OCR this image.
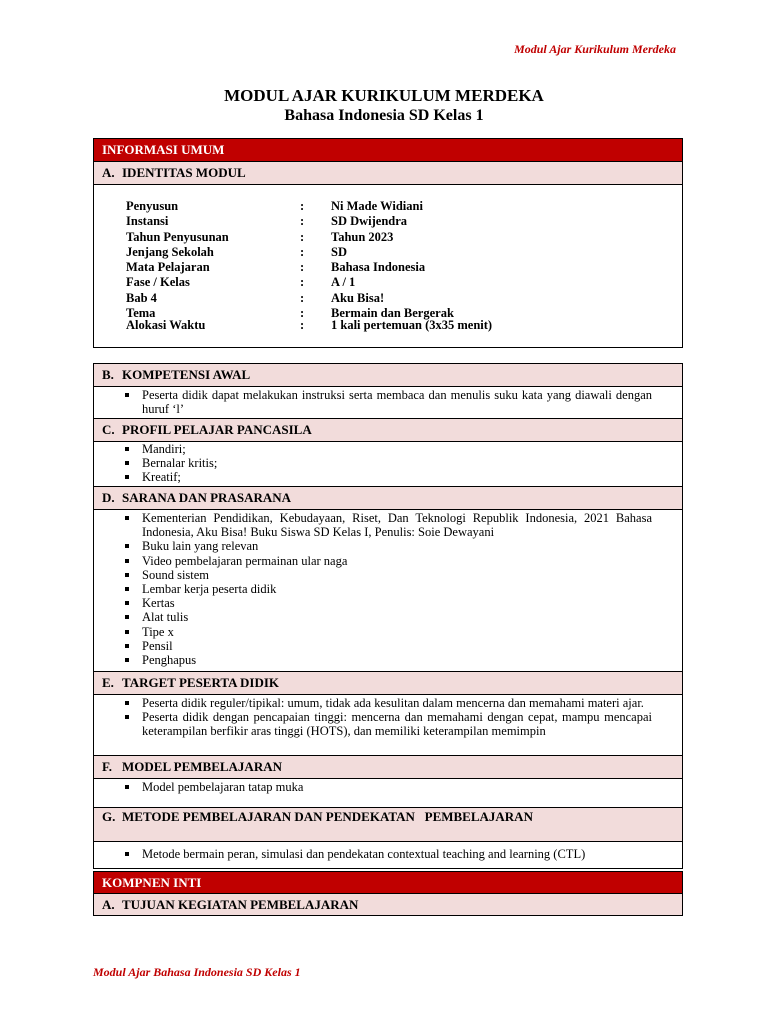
Modul Ajar Kurikulum Merdeka
MODUL AJAR KURIKULUM MERDEKA
Bahasa Indonesia SD Kelas 1
INFORMASI UMUM
A. IDENTITAS MODUL
Penyusun	:	Ni Made Widiani
Instansi	:	SD Dwijendra
Tahun Penyusunan	:	Tahun 2023
Jenjang Sekolah	:	SD
Mata Pelajaran	:	Bahasa Indonesia
Fase / Kelas	:	A / 1
Bab 4	:	Aku Bisa!
Tema	:	Bermain dan Bergerak
Alokasi Waktu	:	1 kali pertemuan (3x35 menit)
B. KOMPETENSI AWAL
Peserta didik dapat melakukan instruksi serta membaca dan menulis suku kata yang diawali dengan huruf ‘l’
C. PROFIL PELAJAR PANCASILA
Mandiri;
Bernalar kritis;
Kreatif;
D. SARANA DAN PRASARANA
Kementerian Pendidikan, Kebudayaan, Riset, Dan Teknologi Republik Indonesia, 2021 Bahasa Indonesia, Aku Bisa! Buku Siswa SD Kelas I, Penulis: Soie Dewayani
Buku lain yang relevan
Video pembelajaran permainan ular naga
Sound sistem
Lembar kerja peserta didik
Kertas
Alat tulis
Tipe x
Pensil
Penghapus
E. TARGET PESERTA DIDIK
Peserta didik reguler/tipikal: umum, tidak ada kesulitan dalam mencerna dan memahami materi ajar.
Peserta didik dengan pencapaian tinggi: mencerna dan memahami dengan cepat, mampu mencapai keterampilan berfikir aras tinggi (HOTS), dan memiliki keterampilan memimpin
F. MODEL PEMBELAJARAN
Model pembelajaran tatap muka
G. METODE PEMBELAJARAN DAN PENDEKATAN   PEMBELAJARAN
Metode bermain peran, simulasi dan pendekatan contextual teaching and learning (CTL)
KOMPNEN INTI
A. TUJUAN KEGIATAN PEMBELAJARAN
Modul Ajar Bahasa Indonesia SD Kelas 1
